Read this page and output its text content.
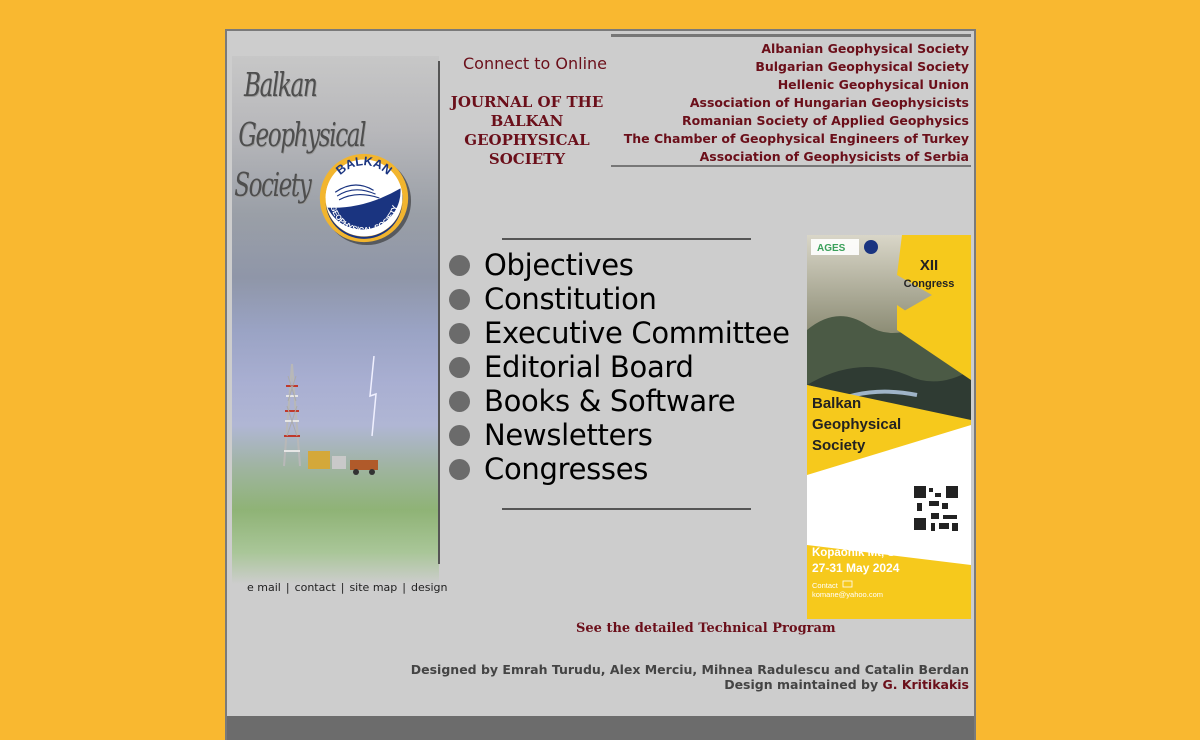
Balkan
Geophysical
Society	BALKAN
GEOPHYSICAL SOCIETY
e mail | contact | site map | design
Connect to Online
JOURNAL OF THE BALKAN GEOPHYSICAL SOCIETY
Albanian Geophysical Society
Bulgarian Geophysical Society
Hellenic Geophysical Union
Association of Hungarian Geophysicists
Romanian Society of Applied Geophysics
The Chamber of Geophysical Engineers of Turkey
Association of Geophysicists of Serbia
Objectives
Constitution
Executive Committee
Editorial Board
Books & Software
Newsletters
Congresses
AGES
XII
Congress
Balkan
Geophysical
Society
Kopaonik Mt, Serbia
27-31 May 2024
Contact
komane@yahoo.com
See the detailed Technical Program
Designed by Emrah Turudu, Alex Merciu, Mihnea Radulescu and Catalin Berdan
Design maintained by G. Kritikakis
